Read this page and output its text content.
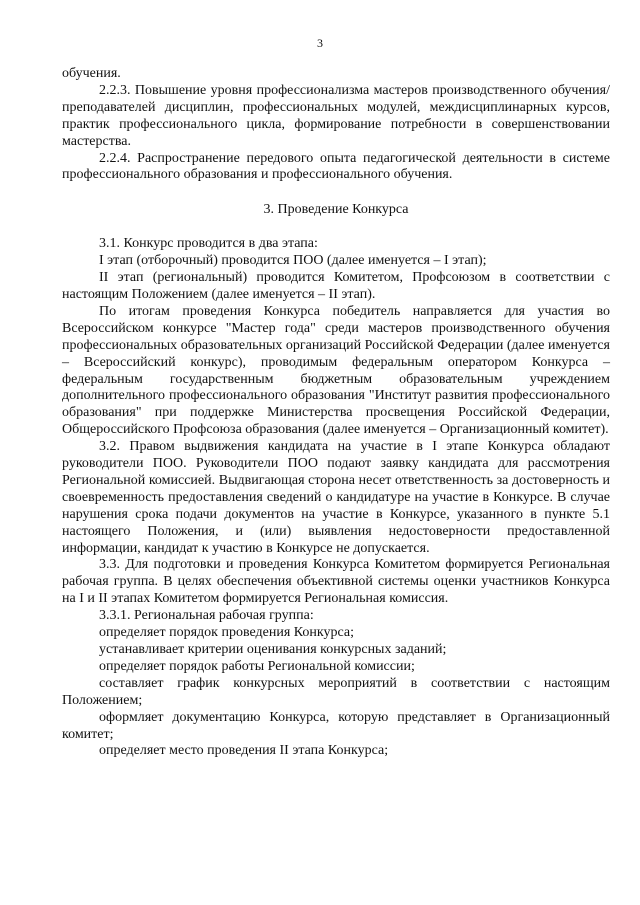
3

обучения.

2.2.3. Повышение уровня профессионализма мастеров производственного обучения/преподавателей дисциплин, профессиональных модулей, междисциплинарных курсов, практик профессионального цикла, формирование потребности в совершенствовании мастерства.

2.2.4. Распространение передового опыта педагогической деятельности в системе профессионального образования и профессионального обучения.

3. Проведение Конкурса

3.1. Конкурс проводится в два этапа:

I этап (отборочный) проводится ПОО (далее именуется – I этап);

II этап (региональный) проводится Комитетом, Профсоюзом в соответствии с настоящим Положением (далее именуется – II этап).

По итогам проведения Конкурса победитель направляется для участия во Всероссийском конкурсе "Мастер года" среди мастеров производственного обучения профессиональных образовательных организаций Российской Федерации (далее именуется – Всероссийский конкурс), проводимым федеральным оператором Конкурса – федеральным государственным бюджетным образовательным учреждением дополнительного профессионального образования "Институт развития профессионального образования" при поддержке Министерства просвещения Российской Федерации, Общероссийского Профсоюза образования (далее именуется – Организационный комитет).

3.2. Правом выдвижения кандидата на участие в I этапе Конкурса обладают руководители ПОО. Руководители ПОО подают заявку кандидата для рассмотрения Региональной комиссией. Выдвигающая сторона несет ответственность за достоверность и своевременность предоставления сведений о кандидатуре на участие в Конкурсе. В случае нарушения срока подачи документов на участие в Конкурсе, указанного в пункте 5.1 настоящего Положения, и (или) выявления недостоверности предоставленной информации, кандидат к участию в Конкурсе не допускается.

3.3. Для подготовки и проведения Конкурса Комитетом формируется Региональная рабочая группа. В целях обеспечения объективной системы оценки участников Конкурса на I и II этапах Комитетом формируется Региональная комиссия.

3.3.1. Региональная рабочая группа:

определяет порядок проведения Конкурса;

устанавливает критерии оценивания конкурсных заданий;

определяет порядок работы Региональной комиссии;

составляет график конкурсных мероприятий в соответствии с настоящим Положением;

оформляет документацию Конкурса, которую представляет в Организационный комитет;

определяет место проведения II этапа Конкурса;
